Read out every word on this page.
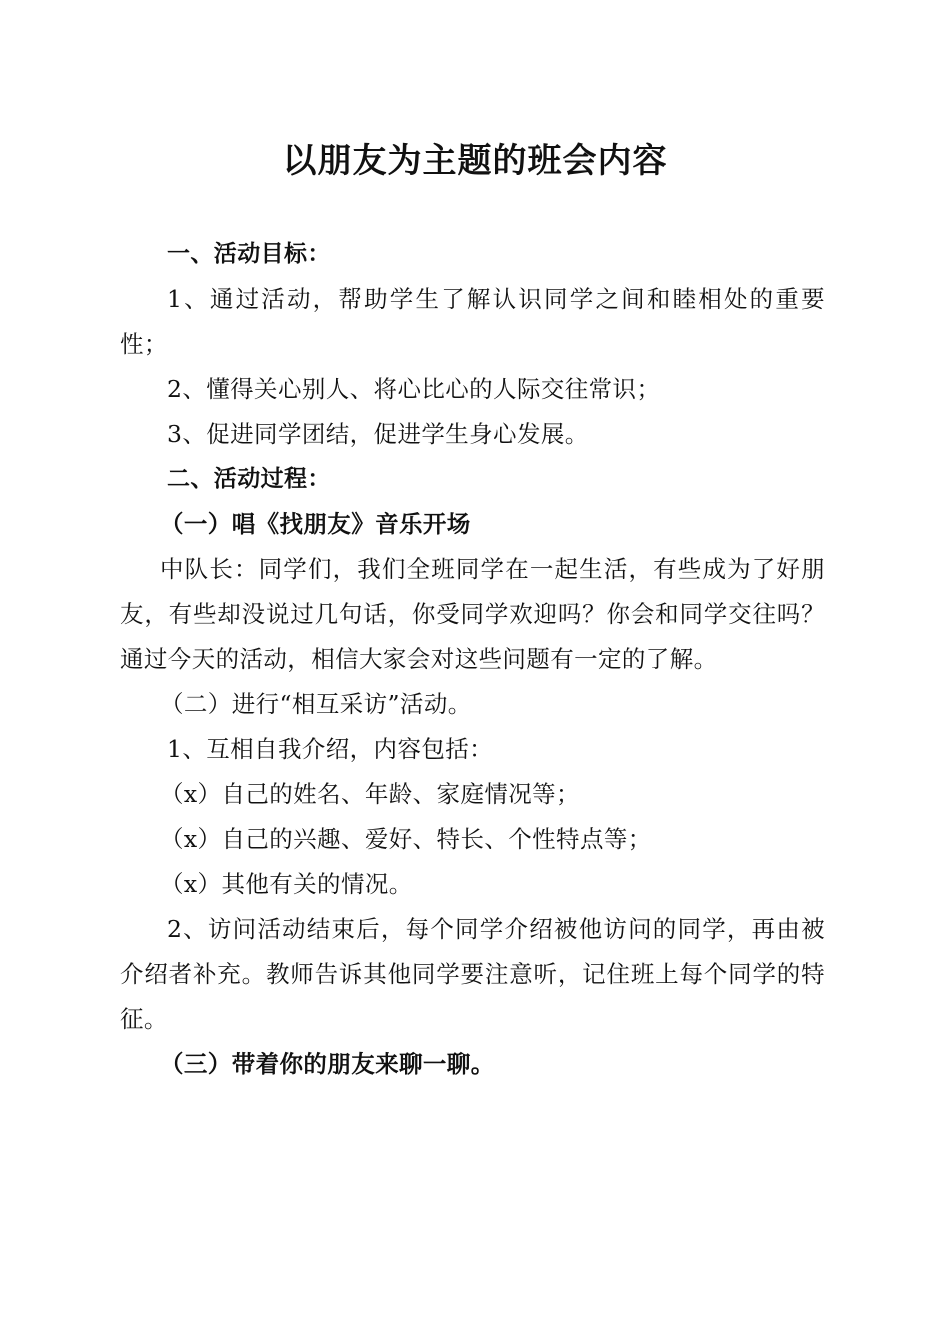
以朋友为主题的班会内容

一、活动目标：

1、通过活动，帮助学生了解认识同学之间和睦相处的重要性；

2、懂得关心别人、将心比心的人际交往常识；

3、促进同学团结，促进学生身心发展。

二、活动过程：

（一）唱《找朋友》音乐开场

中队长：同学们，我们全班同学在一起生活，有些成为了好朋友，有些却没说过几句话，你受同学欢迎吗？你会和同学交往吗？通过今天的活动，相信大家会对这些问题有一定的了解。

（二）进行“相互采访”活动。

1、互相自我介绍，内容包括：

（x）自己的姓名、年龄、家庭情况等；

（x）自己的兴趣、爱好、特长、个性特点等；

（x）其他有关的情况。

2、访问活动结束后，每个同学介绍被他访问的同学，再由被介绍者补充。教师告诉其他同学要注意听，记住班上每个同学的特征。

（三）带着你的朋友来聊一聊。
